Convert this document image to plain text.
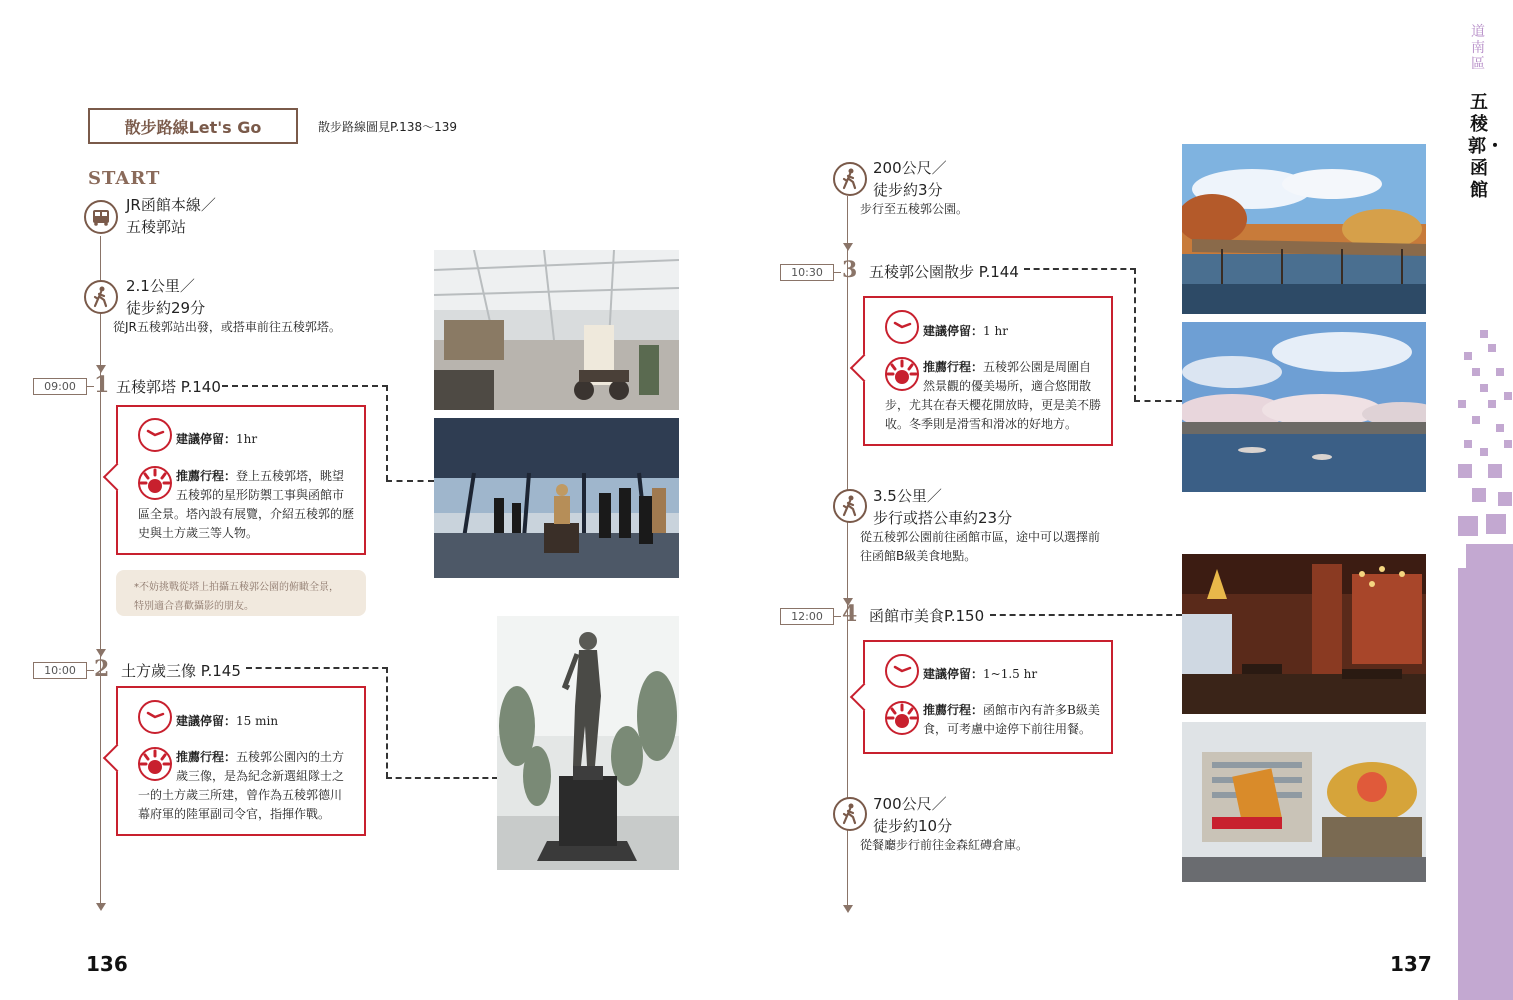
散步路線Let's Go	散步路線圖見P.138〜139
START
JR函館本線／
五稜郭站
2.1公里／
徒步約29分
從JR五稜郭站出發，或搭車前往五稜郭塔。
09:00 1 五稜郭塔 P.140
建議停留：1hr
推薦行程：登上五稜郭塔，眺望
五稜郭的星形防禦工事與函館市
區全景。塔內設有展覽，介紹五稜郭的歷
史與土方歲三等人物。
*不妨挑戰從塔上拍攝五稜郭公園的俯瞰全景，
特別適合喜歡攝影的朋友。
10:00 2 土方歲三像 P.145
建議停留：15 min
推薦行程：五稜郭公園內的土方
歲三像，是為紀念新選組隊士之
一的土方歲三所建，曾作為五稜郭德川
幕府軍的陸軍副司令官，指揮作戰。
136
200公尺／
徒步約3分
步行至五稜郭公園。
10:30 3 五稜郭公園散步 P.144
建議停留：1 hr
推薦行程：五稜郭公園是周圍自
然景觀的優美場所，適合悠閒散
步，尤其在春天櫻花開放時，更是美不勝
收。冬季則是滑雪和滑冰的好地方。
3.5公里／
步行或搭公車約23分
從五稜郭公園前往函館市區，途中可以選擇前
往函館B級美食地點。
12:00 4 函館市美食P.150
建議停留：1~1.5 hr
推薦行程：函館市內有許多B級美
食，可考慮中途停下前往用餐。
700公尺／
徒步約10分
從餐廳步行前往金森紅磚倉庫。
道南區
五稜郭・函館
137
